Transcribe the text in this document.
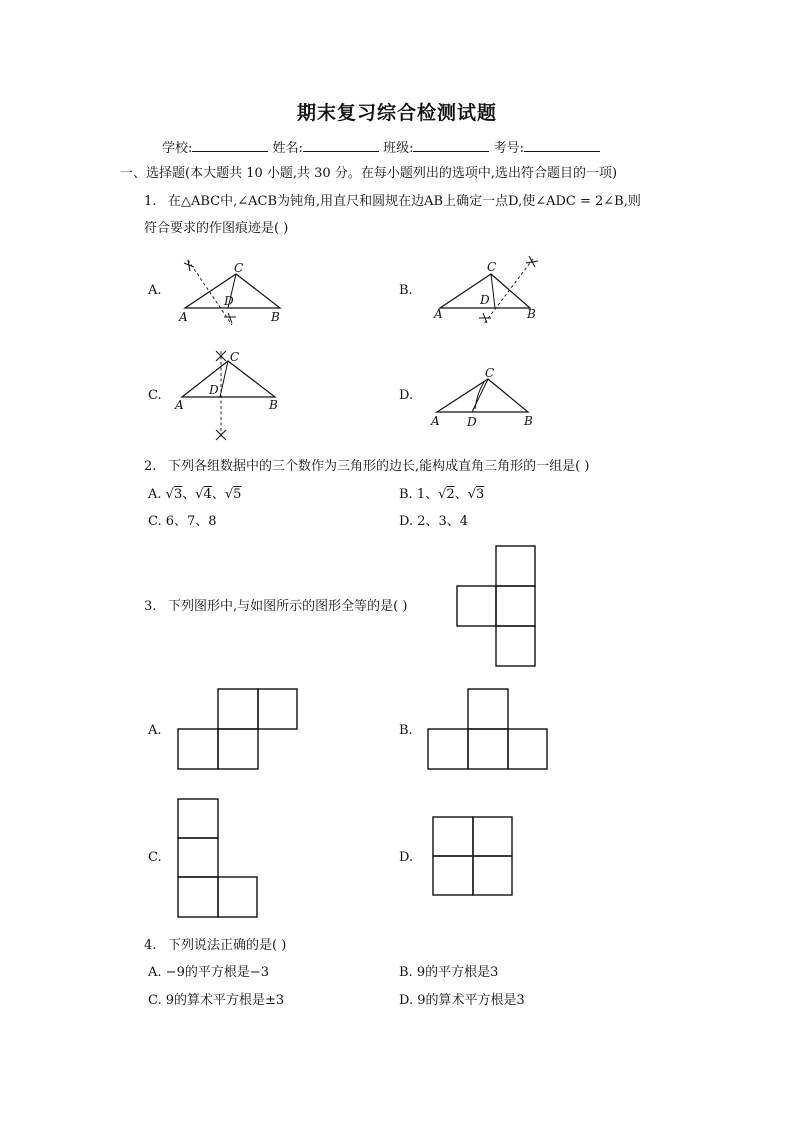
期末复习综合检测试题
学校:	姓名:	班级:	考号:
一、选择题(本大题共 10 小题,共 30 分。在每小题列出的选项中,选出符合题目的一项)
1. 在△ABC中,∠ACB为钝角,用直尺和圆规在边AB上确定一点D,使∠ADC = 2∠B,则
符合要求的作图痕迹是( )
A.
C
D
A	B
B.
C
D
A	B
C.
C
D
A	B
D.
C
A D	B
2. 下列各组数据中的三个数作为三角形的边长,能构成直角三角形的一组是( )
A. √3、√4、√5	B. 1、√2、√3
C. 6、7、8	D. 2、3、4
3. 下列图形中,与如图所示的图形全等的是( )
A.	B.
C.	D.
4. 下列说法正确的是( )
A. −9的平方根是−3	B. 9的平方根是3
C. 9的算术平方根是±3	D. 9的算术平方根是3
